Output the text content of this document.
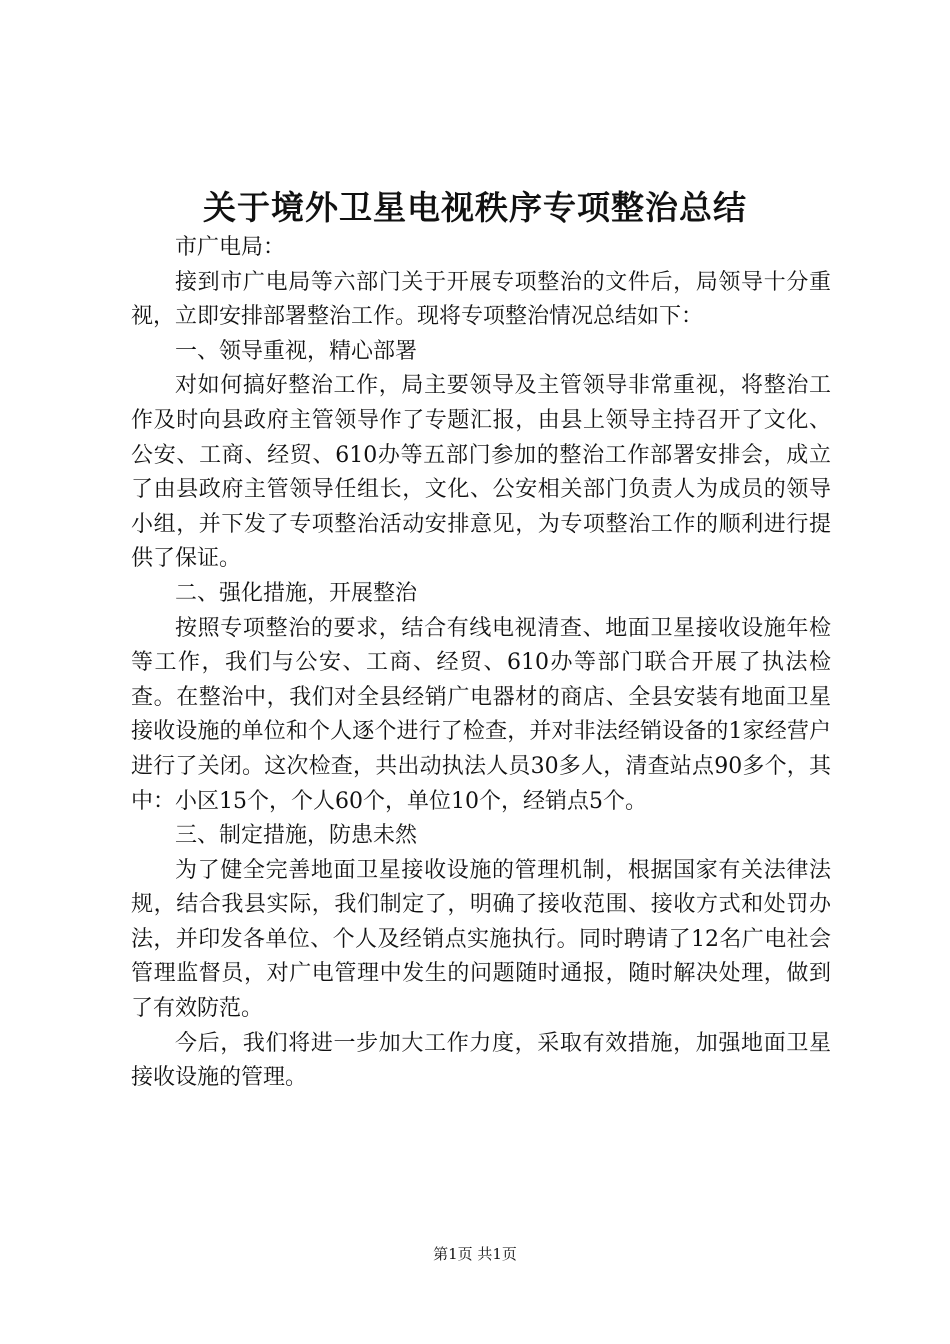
关于境外卫星电视秩序专项整治总结

市广电局：

接到市广电局等六部门关于开展专项整治的文件后，局领导十分重视，立即安排部署整治工作。现将专项整治情况总结如下：

一、领导重视，精心部署

对如何搞好整治工作，局主要领导及主管领导非常重视，将整治工作及时向县政府主管领导作了专题汇报，由县上领导主持召开了文化、公安、工商、经贸、610办等五部门参加的整治工作部署安排会，成立了由县政府主管领导任组长，文化、公安相关部门负责人为成员的领导小组，并下发了专项整治活动安排意见，为专项整治工作的顺利进行提供了保证。

二、强化措施，开展整治

按照专项整治的要求，结合有线电视清查、地面卫星接收设施年检等工作，我们与公安、工商、经贸、610办等部门联合开展了执法检查。在整治中，我们对全县经销广电器材的商店、全县安装有地面卫星接收设施的单位和个人逐个进行了检查，并对非法经销设备的1家经营户进行了关闭。这次检查，共出动执法人员30多人，清查站点90多个，其中：小区15个，个人60个，单位10个，经销点5个。

三、制定措施，防患未然

为了健全完善地面卫星接收设施的管理机制，根据国家有关法律法规，结合我县实际，我们制定了，明确了接收范围、接收方式和处罚办法，并印发各单位、个人及经销点实施执行。同时聘请了12名广电社会管理监督员，对广电管理中发生的问题随时通报，随时解决处理，做到了有效防范。

今后，我们将进一步加大工作力度，采取有效措施，加强地面卫星接收设施的管理。

第1页 共1页
